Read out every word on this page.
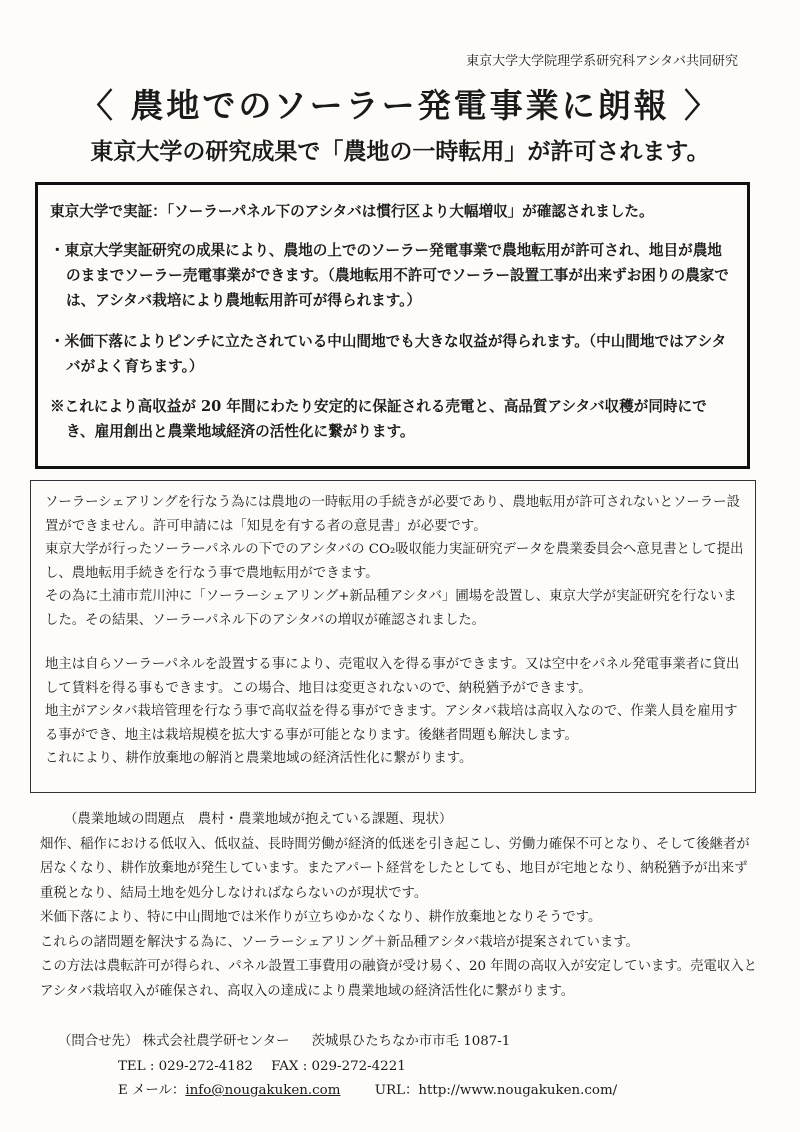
東京大学大学院理学系研究科アシタバ共同研究
〈 農地でのソーラー発電事業に朗報 〉
東京大学の研究成果で「農地の一時転用」が許可されます。

東京大学で実証：「ソーラーパネル下のアシタバは慣行区より大幅増収」が確認されました。

・東京大学実証研究の成果により、農地の上でのソーラー発電事業で農地転用が許可され、地目が農地のままでソーラー売電事業ができます。（農地転用不許可でソーラー設置工事が出来ずお困りの農家では、アシタバ栽培により農地転用許可が得られます。）

・米価下落によりピンチに立たされている中山間地でも大きな収益が得られます。（中山間地ではアシタバがよく育ちます。）

※これにより高収益が 20 年間にわたり安定的に保証される売電と、高品質アシタバ収穫が同時にでき、雇用創出と農業地域経済の活性化に繋がります。

ソーラーシェアリングを行なう為には農地の一時転用の手続きが必要であり、農地転用が許可されないとソーラー設置ができません。許可申請には「知見を有する者の意見書」が必要です。

東京大学が行ったソーラーパネルの下でのアシタバの CO₂吸収能力実証研究データを農業委員会へ意見書として提出し、農地転用手続きを行なう事で農地転用ができます。

その為に土浦市荒川沖に「ソーラーシェアリング+新品種アシタバ」圃場を設置し、東京大学が実証研究を行ないました。その結果、ソーラーパネル下のアシタバの増収が確認されました。

地主は自らソーラーパネルを設置する事により、売電収入を得る事ができます。又は空中をパネル発電事業者に貸出して賃料を得る事もできます。この場合、地目は変更されないので、納税猶予ができます。

地主がアシタバ栽培管理を行なう事で高収益を得る事ができます。アシタバ栽培は高収入なので、作業人員を雇用する事ができ、地主は栽培規模を拡大する事が可能となります。後継者問題も解決します。

これにより、耕作放棄地の解消と農業地域の経済活性化に繋がります。

（農業地域の問題点　農村・農業地域が抱えている課題、現状）

畑作、稲作における低収入、低収益、長時間労働が経済的低迷を引き起こし、労働力確保不可となり、そして後継者が居なくなり、耕作放棄地が発生しています。またアパート経営をしたとしても、地目が宅地となり、納税猶予が出来ず重税となり、結局土地を処分しなければならないのが現状です。

米価下落により、特に中山間地では米作りが立ちゆかなくなり、耕作放棄地となりそうです。

これらの諸問題を解決する為に、ソーラーシェアリング＋新品種アシタバ栽培が提案されています。

この方法は農転許可が得られ、パネル設置工事費用の融資が受け易く、20 年間の高収入が安定しています。売電収入とアシタバ栽培収入が確保され、高収入の達成により農業地域の経済活性化に繋がります。

（問合せ先） 株式会社農学研センター 茨城県ひたちなか市市毛 1087-1
TEL : 029-272-4182 FAX : 029-272-4221
E メール：info@nougakuken.com	URL：http://www.nougakuken.com/
